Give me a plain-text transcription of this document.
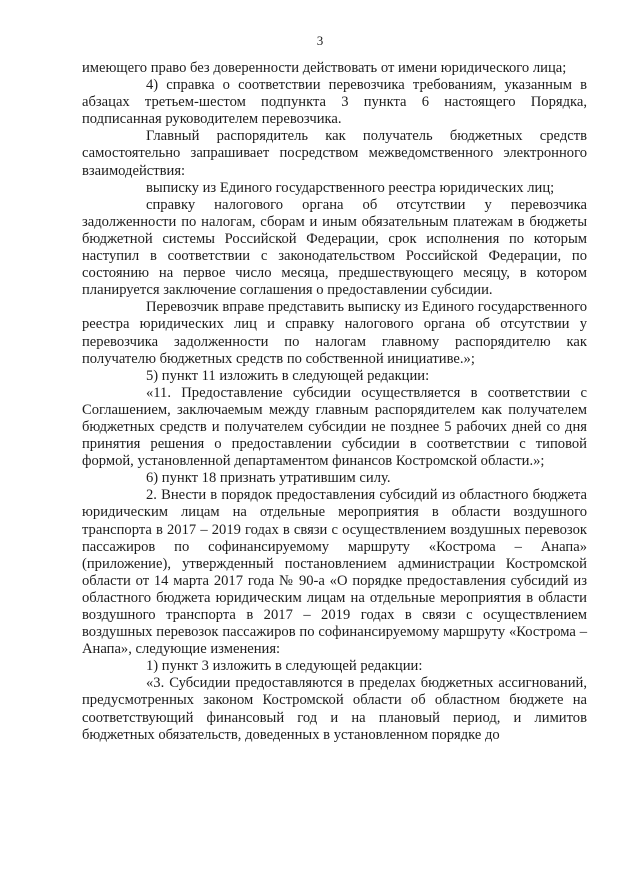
3

имеющего право без доверенности действовать от имени юридического лица;

4) справка о соответствии перевозчика требованиям, указанным в абзацах третьем-шестом подпункта 3 пункта 6 настоящего Порядка, подписанная руководителем перевозчика.

Главный распорядитель как получатель бюджетных средств самостоятельно запрашивает посредством межведомственного электронного взаимодействия:

выписку из Единого государственного реестра юридических лиц;

справку налогового органа об отсутствии у перевозчика задолженности по налогам, сборам и иным обязательным платежам в бюджеты бюджетной системы Российской Федерации, срок исполнения по которым наступил в соответствии с законодательством Российской Федерации, по состоянию на первое число месяца, предшествующего месяцу, в котором планируется заключение соглашения о предоставлении субсидии.

Перевозчик вправе представить выписку из Единого государственного реестра юридических лиц и справку налогового органа об отсутствии у перевозчика задолженности по налогам главному распорядителю как получателю бюджетных средств по собственной инициативе.»;

5) пункт 11 изложить в следующей редакции:

«11. Предоставление субсидии осуществляется в соответствии с Соглашением, заключаемым между главным распорядителем как получателем бюджетных средств и получателем субсидии не позднее 5 рабочих дней со дня принятия решения о предоставлении субсидии в соответствии с типовой формой, установленной департаментом финансов Костромской области.»;

6) пункт 18 признать утратившим силу.

2. Внести в порядок предоставления субсидий из областного бюджета юридическим лицам на отдельные мероприятия в области воздушного транспорта в 2017 – 2019 годах в связи с осуществлением воздушных перевозок пассажиров по софинансируемому маршруту «Кострома – Анапа» (приложение), утвержденный постановлением администрации Костромской области от 14 марта 2017 года № 90-а «О порядке предоставления субсидий из областного бюджета юридическим лицам на отдельные мероприятия в области воздушного транспорта в 2017 – 2019 годах в связи с осуществлением воздушных перевозок пассажиров по софинансируемому маршруту «Кострома – Анапа», следующие изменения:

1) пункт 3 изложить в следующей редакции:

«3. Субсидии предоставляются в пределах бюджетных ассигнований, предусмотренных законом Костромской области об областном бюджете на соответствующий финансовый год и на плановый период, и лимитов бюджетных обязательств, доведенных в установленном порядке до
